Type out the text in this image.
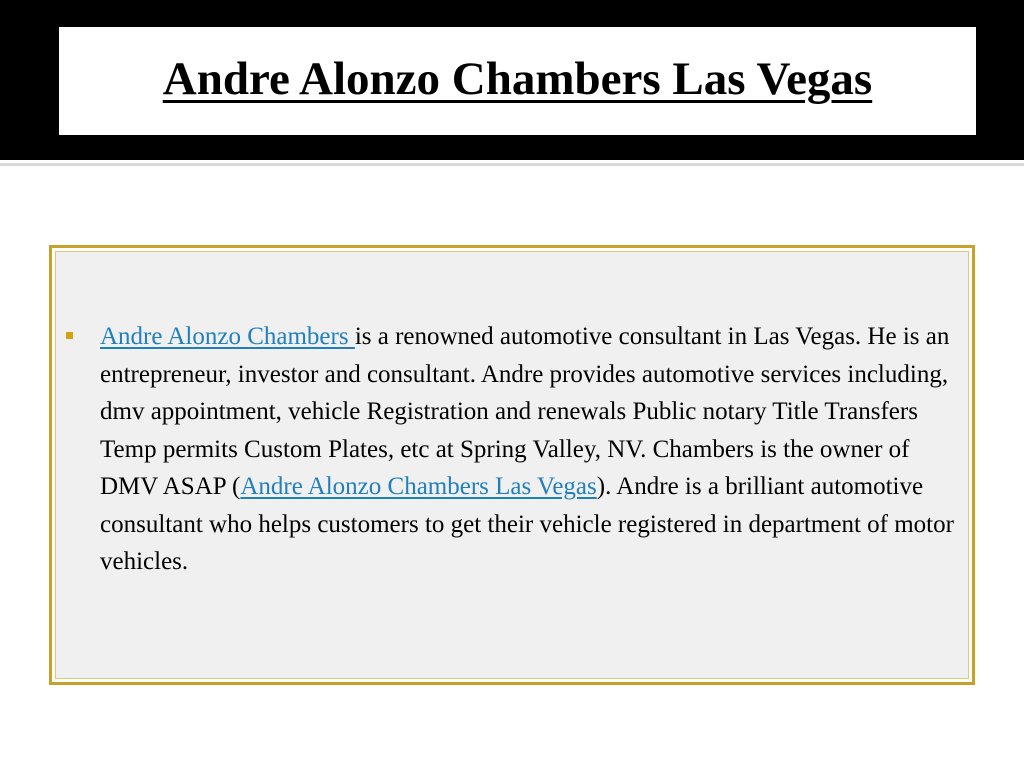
Andre Alonzo Chambers Las Vegas

Andre Alonzo Chambers is a renowned automotive consultant in Las Vegas. He is an entrepreneur, investor and consultant. Andre provides automotive services including, dmv appointment, vehicle Registration and renewals Public notary Title Transfers Temp permits Custom Plates, etc at Spring Valley, NV. Chambers is the owner of DMV ASAP (Andre Alonzo Chambers Las Vegas). Andre is a brilliant automotive consultant who helps customers to get their vehicle registered in department of motor vehicles.
